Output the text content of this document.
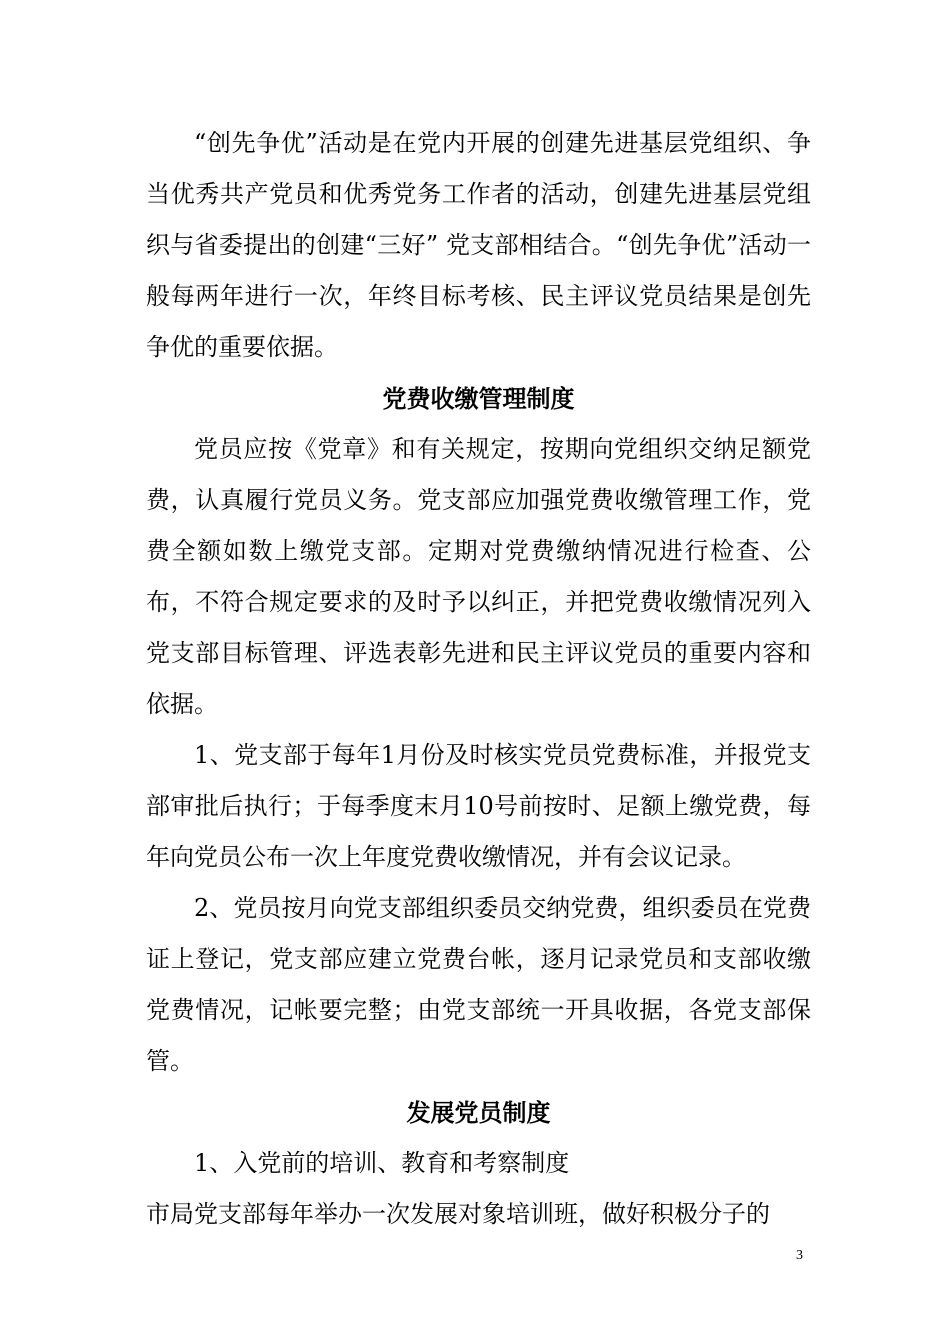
“创先争优”活动是在党内开展的创建先进基层党组织、争当优秀共产党员和优秀党务工作者的活动，创建先进基层党组织与省委提出的创建“三好” 党支部相结合。“创先争优”活动一般每两年进行一次，年终目标考核、民主评议党员结果是创先争优的重要依据。

党费收缴管理制度

党员应按《党章》和有关规定，按期向党组织交纳足额党费，认真履行党员义务。党支部应加强党费收缴管理工作，党费全额如数上缴党支部。定期对党费缴纳情况进行检查、公布，不符合规定要求的及时予以纠正，并把党费收缴情况列入党支部目标管理、评选表彰先进和民主评议党员的重要内容和依据。

1、党支部于每年1月份及时核实党员党费标准，并报党支部审批后执行；于每季度末月10号前按时、足额上缴党费，每年向党员公布一次上年度党费收缴情况，并有会议记录。

2、党员按月向党支部组织委员交纳党费，组织委员在党费证上登记，党支部应建立党费台帐，逐月记录党员和支部收缴党费情况，记帐要完整；由党支部统一开具收据，各党支部保管。

发展党员制度

1、入党前的培训、教育和考察制度

市局党支部每年举办一次发展对象培训班，做好积极分子的

3
